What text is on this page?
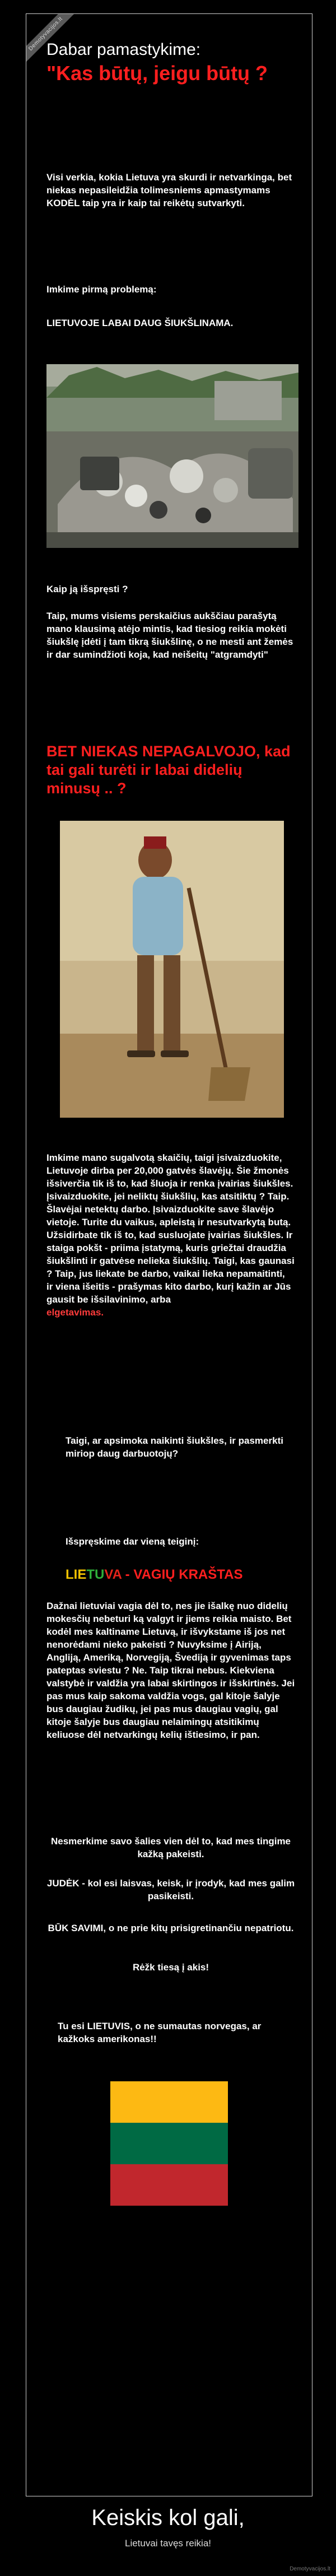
Demotyvacijos.lt
Dabar pamastykime:
"Kas būtų, jeigu būtų ?
Visi verkia, kokia Lietuva yra skurdi ir netvarkinga, bet niekas nepasileidžia tolimesniems apmastymams KODĖL taip yra ir kaip tai reikėtų sutvarkyti.
Imkime pirmą problemą:
LIETUVOJE LABAI DAUG ŠIUKŠLINAMA.
Kaip ją išspręsti ?
Taip, mums visiems perskaičius aukščiau parašytą mano klausimą atėjo mintis, kad tiesiog reikia mokėti šiukšlę įdėti į tam tikrą šiukšlinę, o ne mesti ant žemės ir dar sumindžioti koja, kad neišeitų "atgramdyti"
BET NIEKAS NEPAGALVOJO, kad tai gali turėti ir labai didelių minusų .. ?
Imkime mano sugalvotą skaičių, taigi įsivaizduokite, Lietuvoje dirba per 20,000 gatvės šlavėjų. Šie žmonės išsiverčia tik iš to, kad šluoja ir renka įvairias šiukšles. Įsivaizduokite, jei neliktų šiukšlių, kas atsitiktų ? Taip. Šlavėjai netektų darbo. Įsivaizduokite save šlavėjo vietoje. Turite du vaikus, apleistą ir nesutvarkytą butą. Užsidirbate tik iš to, kad susluojate įvairias šiukšles. Ir staiga pokšt - priima įstatymą, kuris griežtai draudžia šiukšlinti ir gatvėse nelieka šiukšlių. Taigi, kas gaunasi ? Taip, jus liekate be darbo, vaikai lieka nepamaitinti,
ir viena išeitis - prašymas kito darbo, kurį kažin ar Jūs gausit be išsilavinimo, arba
elgetavimas.
Taigi, ar apsimoka naikinti šiukšles, ir pasmerkti miriop daug darbuotojų?
Išspręskime dar vieną teiginį:
LIETUVA - VAGIŲ KRAŠTAS
Dažnai lietuviai vagia dėl to, nes jie išalkę nuo didelių mokesčių nebeturi ką valgyt ir jiems reikia maisto. Bet kodėl mes kaltiname Lietuvą, ir išvykstame iš jos net nenorėdami nieko pakeisti ? Nuvyksime į Airiją, Angliją, Ameriką, Norvegiją, Švediją ir gyvenimas taps pateptas sviestu ? Ne. Taip tikrai nebus. Kiekviena valstybė ir valdžia yra labai skirtingos ir išskirtinės. Jei pas mus kaip sakoma valdžia vogs, gal kitoje šalyje bus daugiau žudikų, jei pas mus daugiau vagių, gal kitoje šalyje bus daugiau nelaimingų atsitikimų keliuose dėl netvarkingų kelių ištiesimo, ir pan.
Nesmerkime savo šalies vien dėl to, kad mes tingime kažką pakeisti.
JUDĖK - kol esi laisvas, keisk, ir įrodyk, kad mes galim pasikeisti.
BŪK SAVIMI, o ne prie kitų prisigretinančiu nepatriotu.
Rėžk tiesą į akis!
Tu esi LIETUVIS, o ne sumautas norvegas, ar kažkoks amerikonas!!
Keiskis kol gali,
Lietuvai tavęs reikia!
Demotyvacijos.lt
